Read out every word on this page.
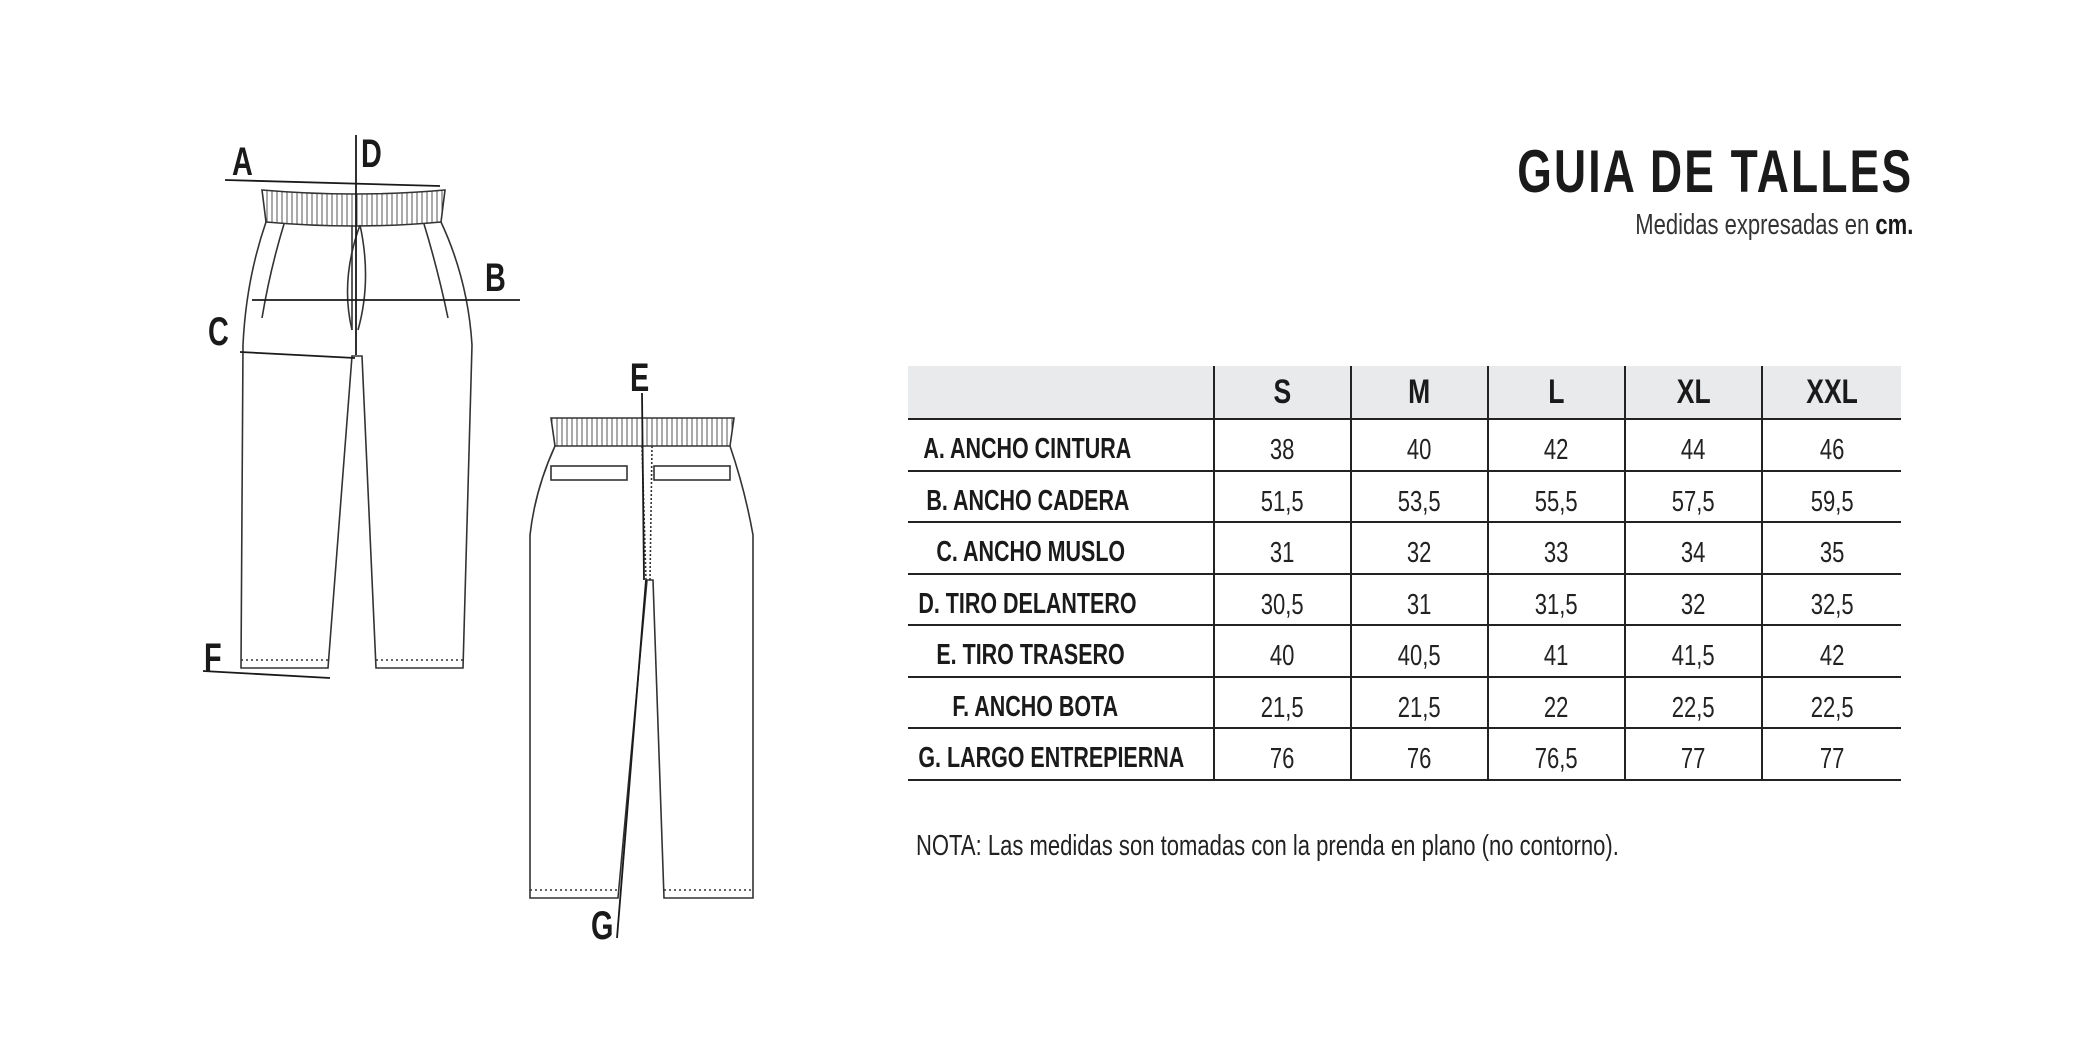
A	D
B
C
E
F
G
GUIA DE TALLES
Medidas expresadas en cm.
	S	M	L	XL	XXL
A. ANCHO CINTURA	38	40	42	44	46
B. ANCHO CADERA	51,5	53,5	55,5	57,5	59,5
C. ANCHO MUSLO	31	32	33	34	35
D. TIRO DELANTERO	30,5	31	31,5	32	32,5
E. TIRO TRASERO	40	40,5	41	41,5	42
F. ANCHO BOTA	21,5	21,5	22	22,5	22,5
G. LARGO ENTREPIERNA	76	76	76,5	77	77
NOTA: Las medidas son tomadas con la prenda en plano (no contorno).
